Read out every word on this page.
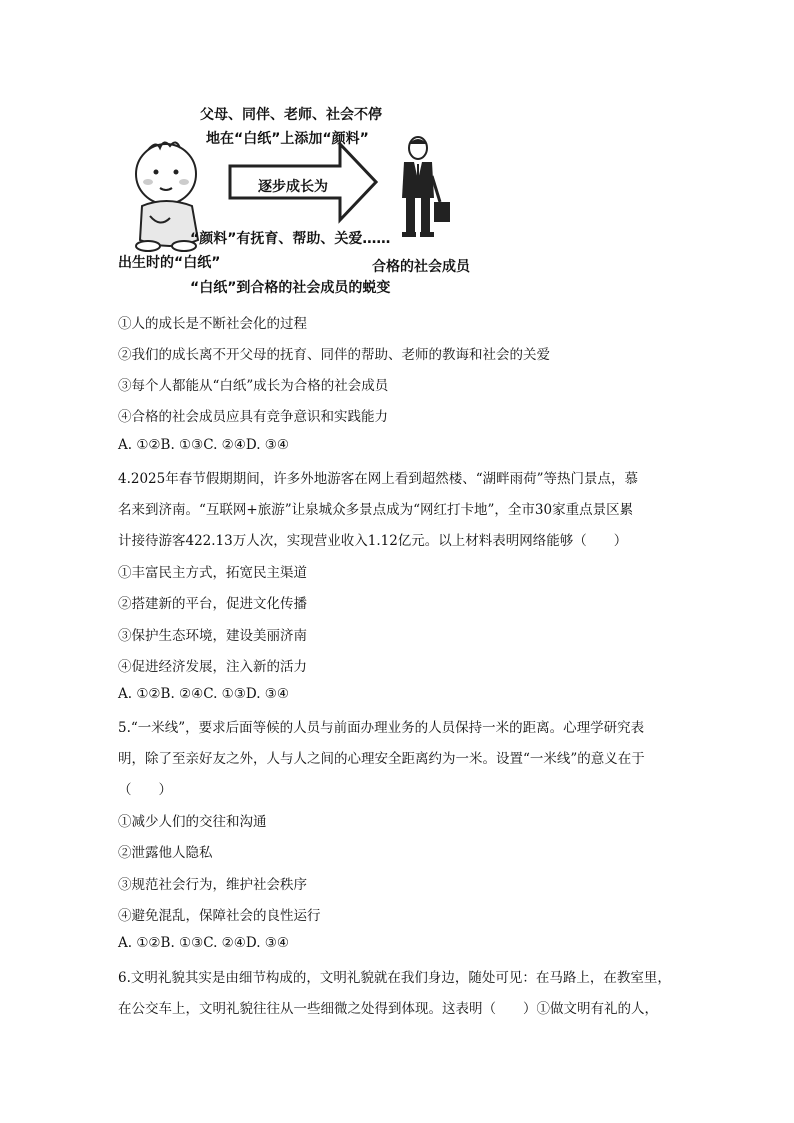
父母、同伴、老师、社会不停
地在“白纸”上添加“颜料”
逐步成长为
“颜料”有抚育、帮助、关爱……
出生时的“白纸”	合格的社会成员
“白纸”到合格的社会成员的蜕变
①人的成长是不断社会化的过程
②我们的成长离不开父母的抚育、同伴的帮助、老师的教诲和社会的关爱
③每个人都能从“白纸”成长为合格的社会成员
④合格的社会成员应具有竞争意识和实践能力
A. ①②B. ①③C. ②④D. ③④
4.2025年春节假期期间，许多外地游客在网上看到超然楼、“湖畔雨荷”等热门景点，慕
名来到济南。“互联网+旅游”让泉城众多景点成为“网红打卡地”，全市30家重点景区累
计接待游客422.13万人次，实现营业收入1.12亿元。以上材料表明网络能够（　　）
①丰富民主方式，拓宽民主渠道
②搭建新的平台，促进文化传播
③保护生态环境，建设美丽济南
④促进经济发展，注入新的活力
A. ①②B. ②④C. ①③D. ③④
5.“一米线”，要求后面等候的人员与前面办理业务的人员保持一米的距离。心理学研究表
明，除了至亲好友之外，人与人之间的心理安全距离约为一米。设置“一米线”的意义在于
（　　）
①减少人们的交往和沟通
②泄露他人隐私
③规范社会行为，维护社会秩序
④避免混乱，保障社会的良性运行
A. ①②B. ①③C. ②④D. ③④
6.文明礼貌其实是由细节构成的，文明礼貌就在我们身边，随处可见：在马路上，在教室里，
在公交车上，文明礼貌往往从一些细微之处得到体现。这表明（　　）①做文明有礼的人，
